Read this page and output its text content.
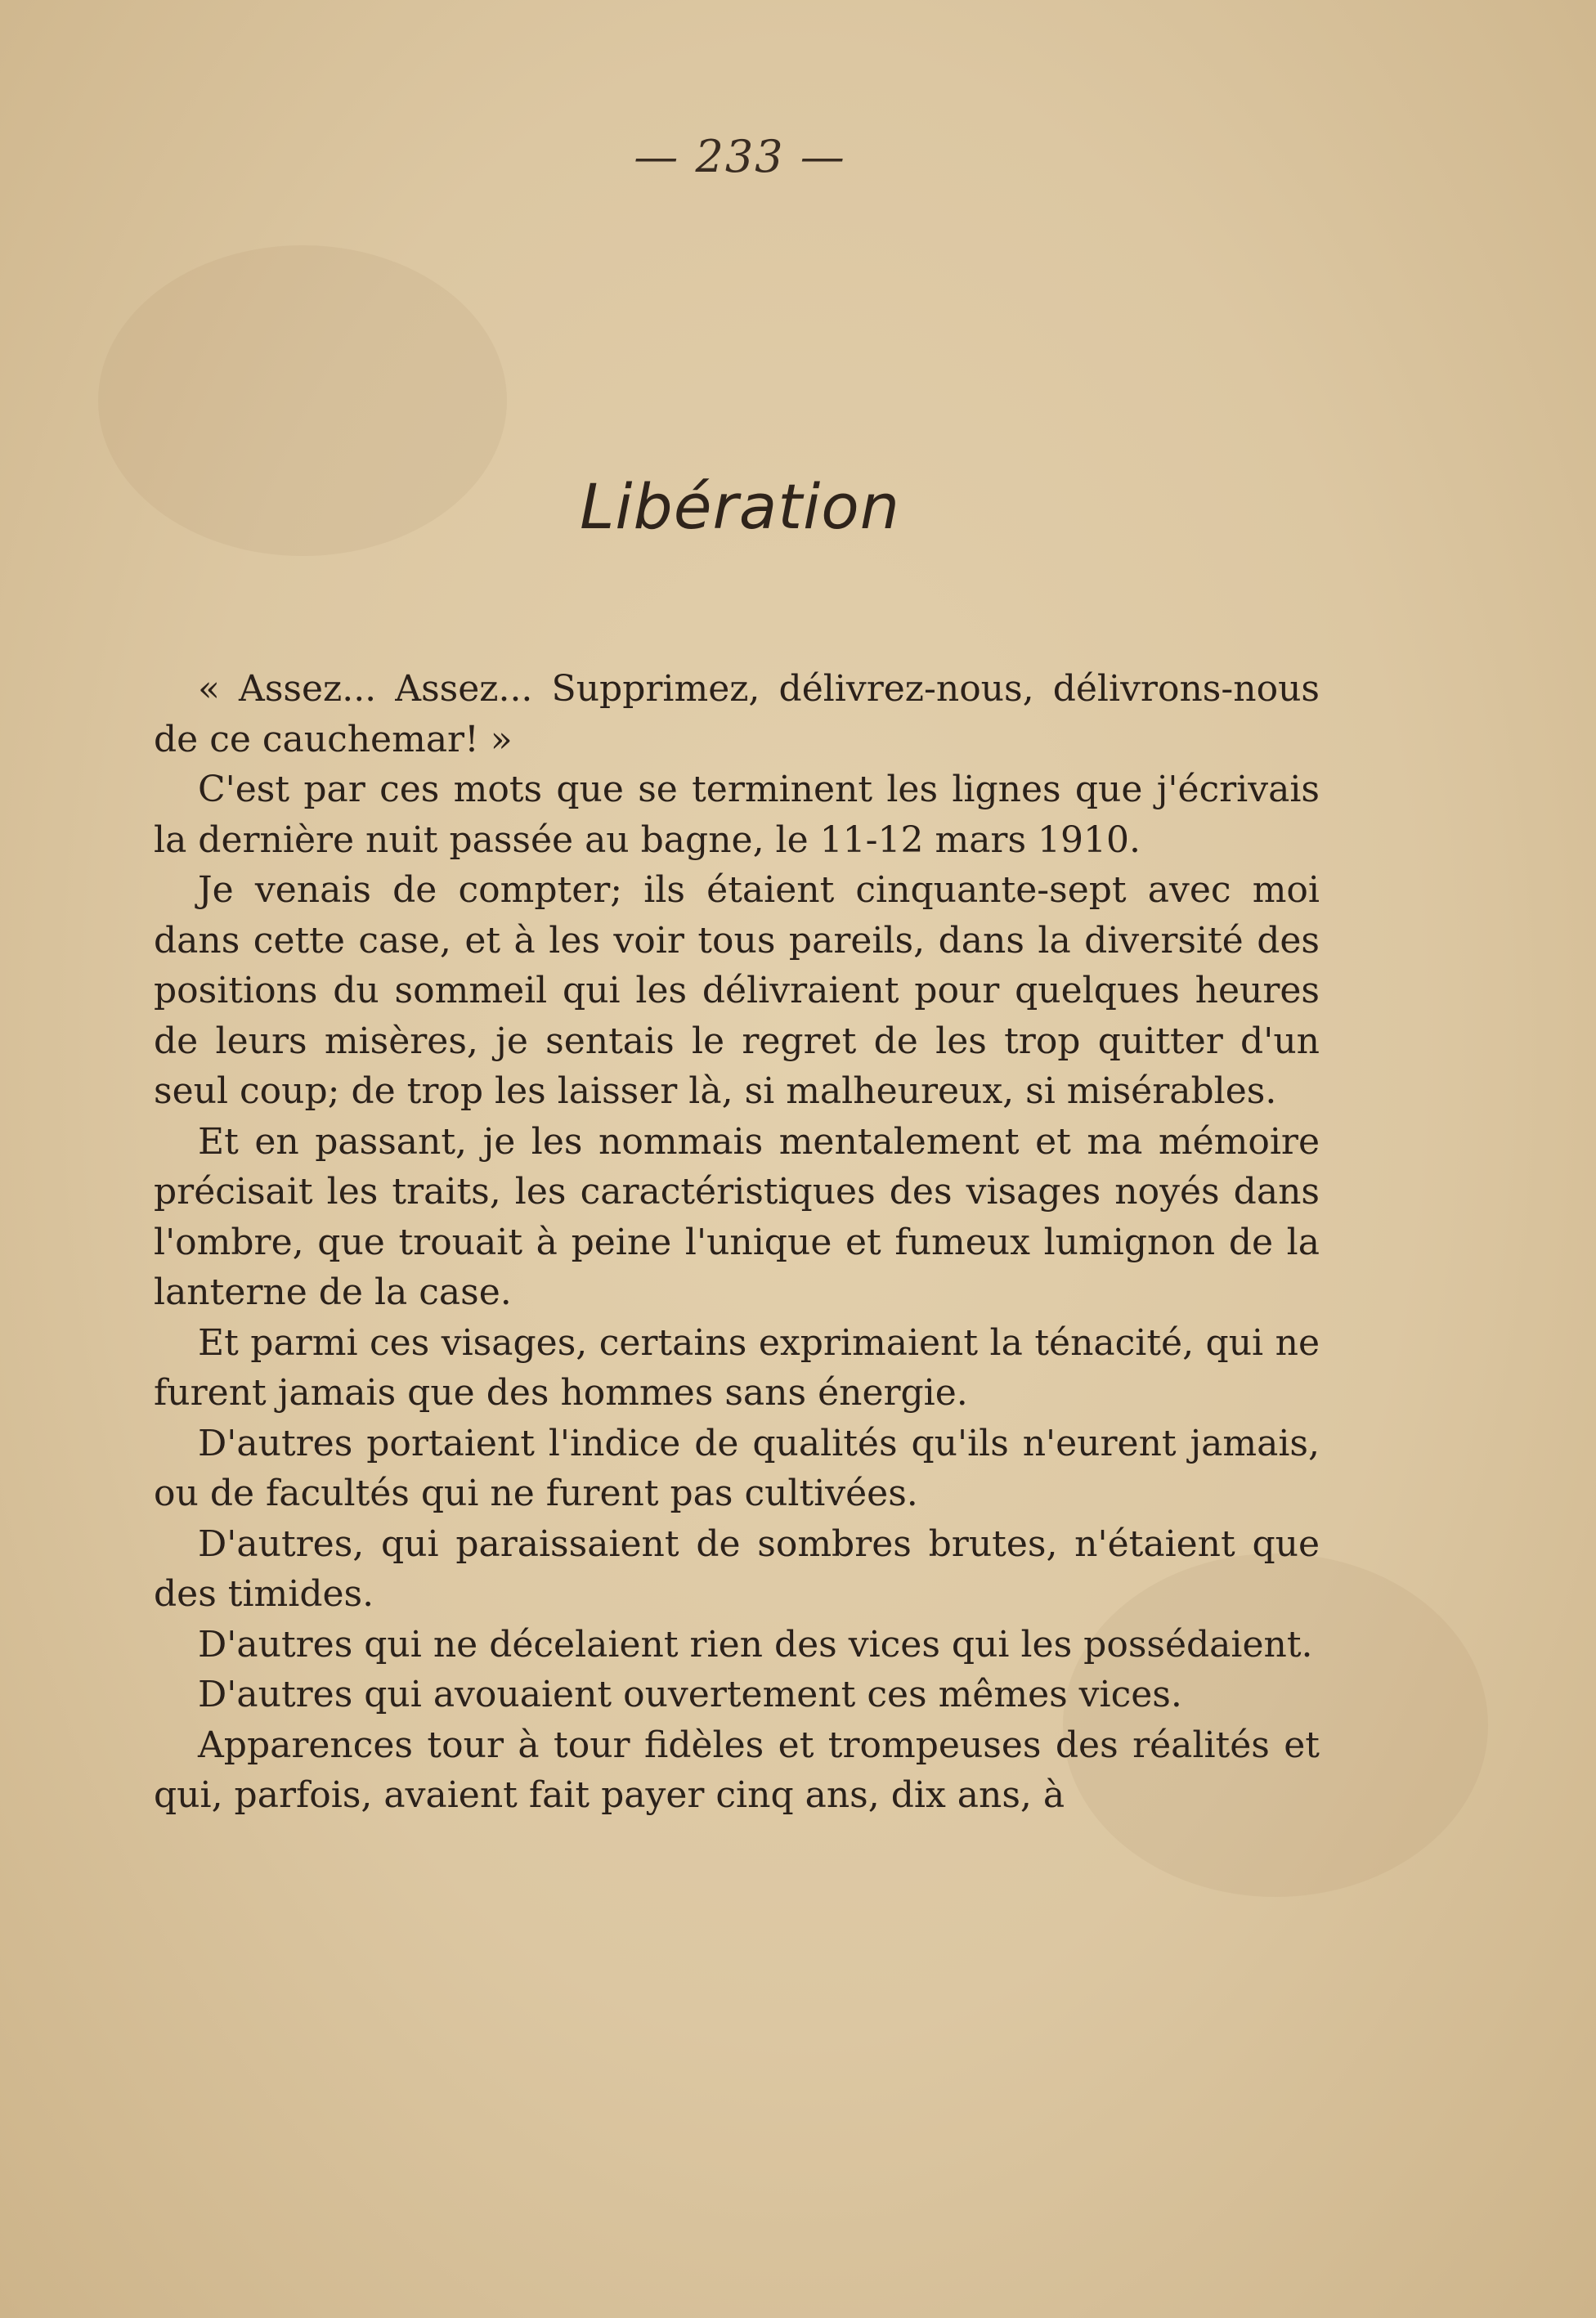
— 233 —
Libération

« Assez... Assez... Supprimez, délivrez-nous, délivrons-nous de ce cauchemar! »

C'est par ces mots que se terminent les lignes que j'écrivais la dernière nuit passée au bagne, le 11-12 mars 1910.

Je venais de compter; ils étaient cinquante-sept avec moi dans cette case, et à les voir tous pareils, dans la diversité des positions du sommeil qui les délivraient pour quelques heures de leurs misères, je sentais le regret de les trop quitter d'un seul coup; de trop les laisser là, si malheureux, si misérables.

Et en passant, je les nommais mentalement et ma mémoire précisait les traits, les caractéristiques des visages noyés dans l'ombre, que trouait à peine l'unique et fumeux lumignon de la lanterne de la case.

Et parmi ces visages, certains exprimaient la ténacité, qui ne furent jamais que des hommes sans énergie.

D'autres portaient l'indice de qualités qu'ils n'eurent jamais, ou de facultés qui ne furent pas cultivées.

D'autres, qui paraissaient de sombres brutes, n'étaient que des timides.

D'autres qui ne décelaient rien des vices qui les possédaient.

D'autres qui avouaient ouvertement ces mêmes vices.

Apparences tour à tour fidèles et trompeuses des réalités et qui, parfois, avaient fait payer cinq ans, dix ans, à
